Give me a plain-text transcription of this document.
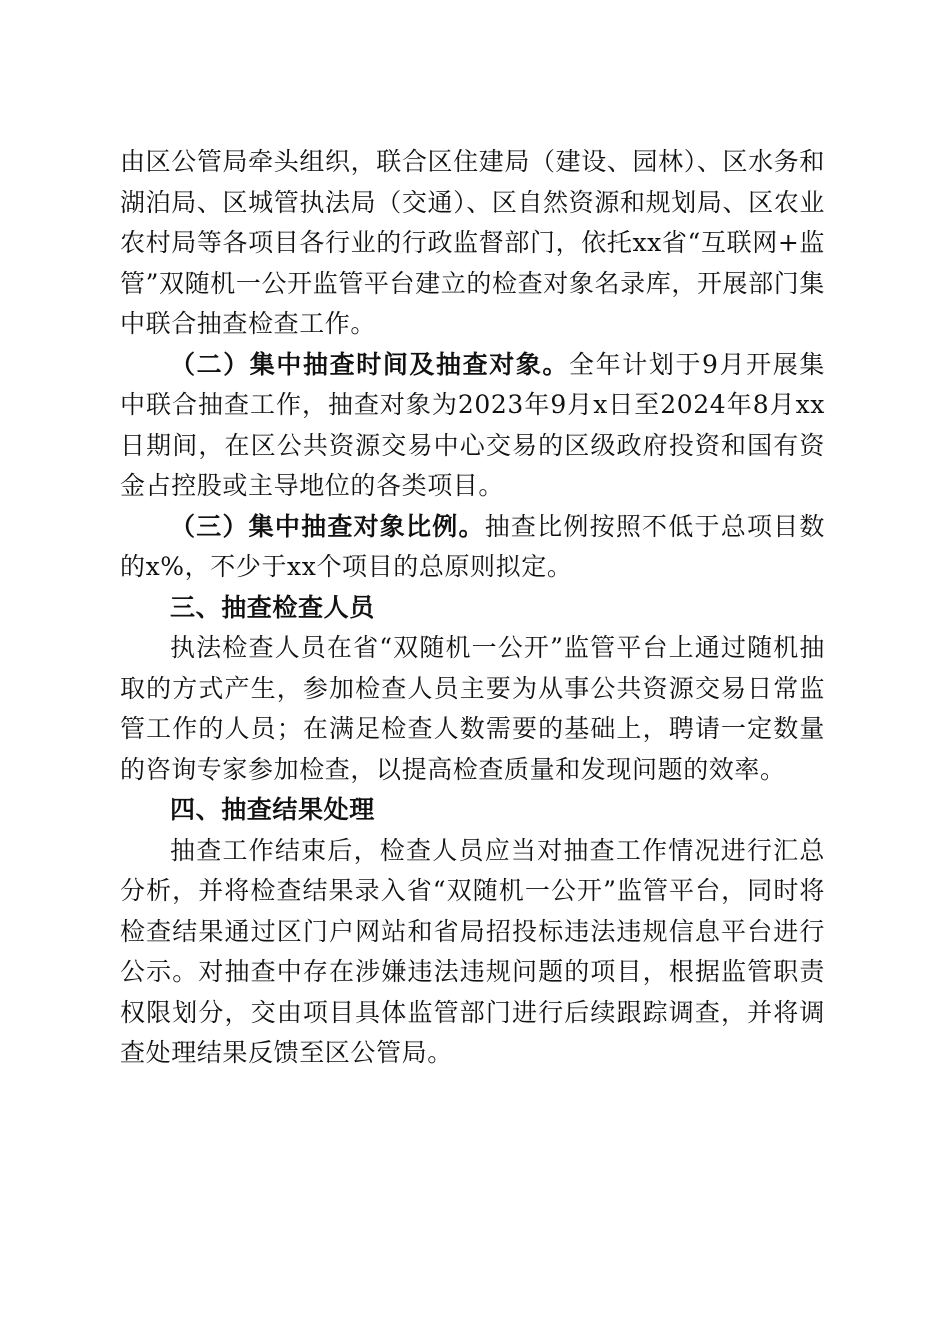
由区公管局牵头组织，联合区住建局（建设、园林）、区水务和湖泊局、区城管执法局（交通）、区自然资源和规划局、区农业农村局等各项目各行业的行政监督部门，依托xx省“互联网+监管”双随机一公开监管平台建立的检查对象名录库，开展部门集中联合抽查检查工作。

（二）集中抽查时间及抽查对象。全年计划于9月开展集中联合抽查工作，抽查对象为2023年9月x日至2024年8月xx日期间，在区公共资源交易中心交易的区级政府投资和国有资金占控股或主导地位的各类项目。

（三）集中抽查对象比例。抽查比例按照不低于总项目数的x%，不少于xx个项目的总原则拟定。

三、抽查检查人员

执法检查人员在省“双随机一公开”监管平台上通过随机抽取的方式产生，参加检查人员主要为从事公共资源交易日常监管工作的人员；在满足检查人数需要的基础上，聘请一定数量的咨询专家参加检查，以提高检查质量和发现问题的效率。

四、抽查结果处理

抽查工作结束后，检查人员应当对抽查工作情况进行汇总分析，并将检查结果录入省“双随机一公开”监管平台，同时将检查结果通过区门户网站和省局招投标违法违规信息平台进行公示。对抽查中存在涉嫌违法违规问题的项目，根据监管职责权限划分，交由项目具体监管部门进行后续跟踪调查，并将调查处理结果反馈至区公管局。
